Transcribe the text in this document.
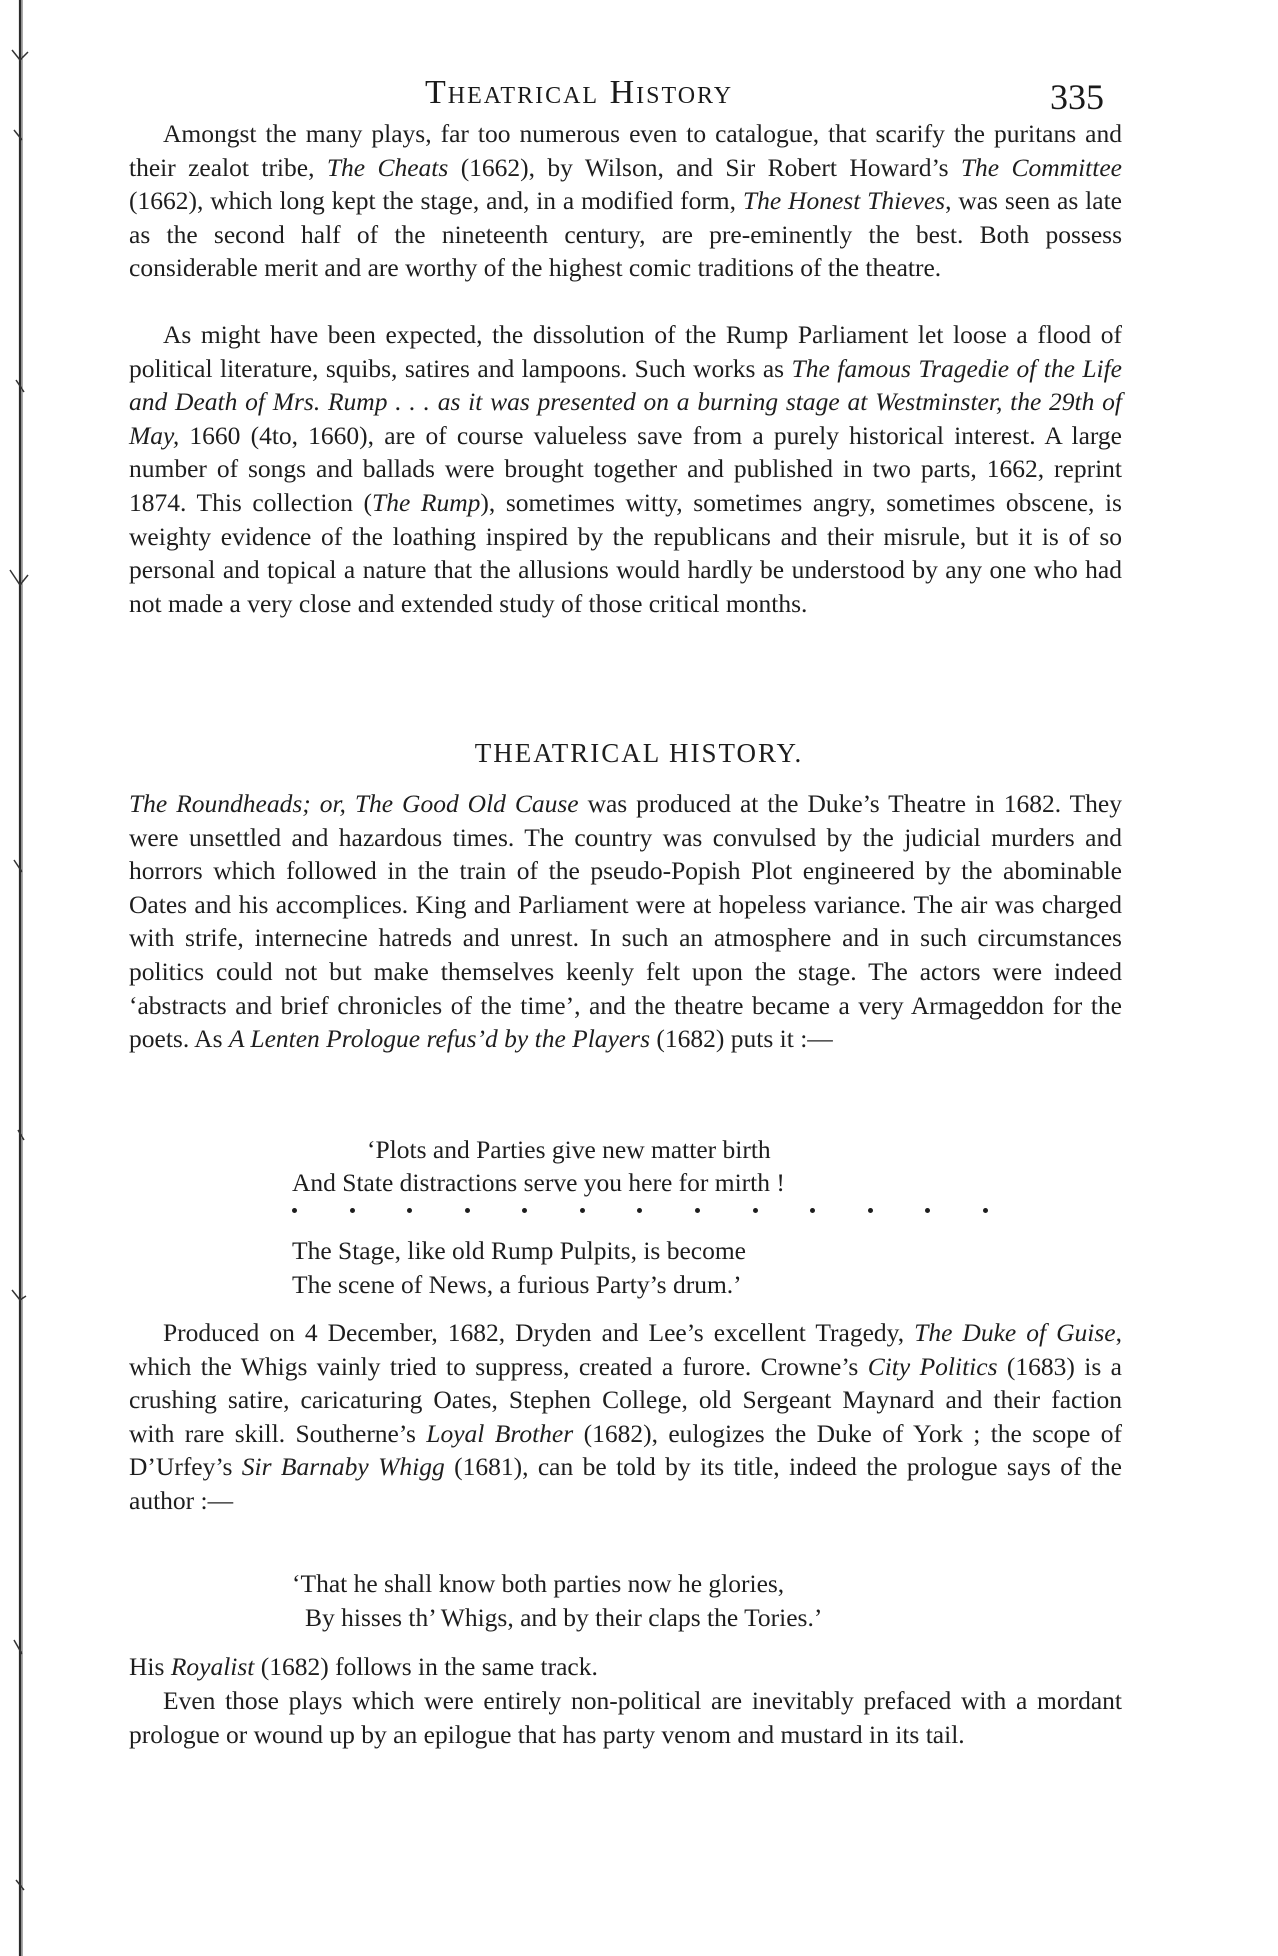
Theatrical History	335

Amongst the many plays, far too numerous even to catalogue, that scarify the puritans and their zealot tribe, The Cheats (1662), by Wilson, and Sir Robert Howard’s The Committee (1662), which long kept the stage, and, in a modified form, The Honest Thieves, was seen as late as the second half of the nineteenth century, are pre-eminently the best. Both possess considerable merit and are worthy of the highest comic traditions of the theatre.

As might have been expected, the dissolution of the Rump Parliament let loose a flood of political literature, squibs, satires and lampoons. Such works as The famous Tragedie of the Life and Death of Mrs. Rump . . . as it was presented on a burning stage at Westminster, the 29th of May, 1660 (4to, 1660), are of course valueless save from a purely historical interest. A large number of songs and ballads were brought together and published in two parts, 1662, reprint 1874. This collection (The Rump), sometimes witty, sometimes angry, sometimes obscene, is weighty evidence of the loathing inspired by the republicans and their misrule, but it is of so personal and topical a nature that the allusions would hardly be understood by any one who had not made a very close and extended study of those critical months.

THEATRICAL HISTORY.

The Roundheads; or, The Good Old Cause was produced at the Duke’s Theatre in 1682. They were unsettled and hazardous times. The country was convulsed by the judicial murders and horrors which followed in the train of the pseudo-Popish Plot engineered by the abominable Oates and his accomplices. King and Parliament were at hopeless variance. The air was charged with strife, internecine hatreds and unrest. In such an atmosphere and in such circumstances politics could not but make themselves keenly felt upon the stage. The actors were indeed ‘abstracts and brief chronicles of the time’, and the theatre became a very Armageddon for the poets. As A Lenten Prologue refus’d by the Players (1682) puts it :—

‘Plots and Parties give new matter birth
And State distractions serve you here for mirth !
The Stage, like old Rump Pulpits, is become
The scene of News, a furious Party’s drum.’

Produced on 4 December, 1682, Dryden and Lee’s excellent Tragedy, The Duke of Guise, which the Whigs vainly tried to suppress, created a furore. Crowne’s City Politics (1683) is a crushing satire, caricaturing Oates, Stephen College, old Sergeant Maynard and their faction with rare skill. Southerne’s Loyal Brother (1682), eulogizes the Duke of York ; the scope of D’Urfey’s Sir Barnaby Whigg (1681), can be told by its title, indeed the prologue says of the author :—

‘That he shall know both parties now he glories,
By hisses th’ Whigs, and by their claps the Tories.’

His Royalist (1682) follows in the same track.

Even those plays which were entirely non-political are inevitably prefaced with a mordant prologue or wound up by an epilogue that has party venom and mustard in its tail.
